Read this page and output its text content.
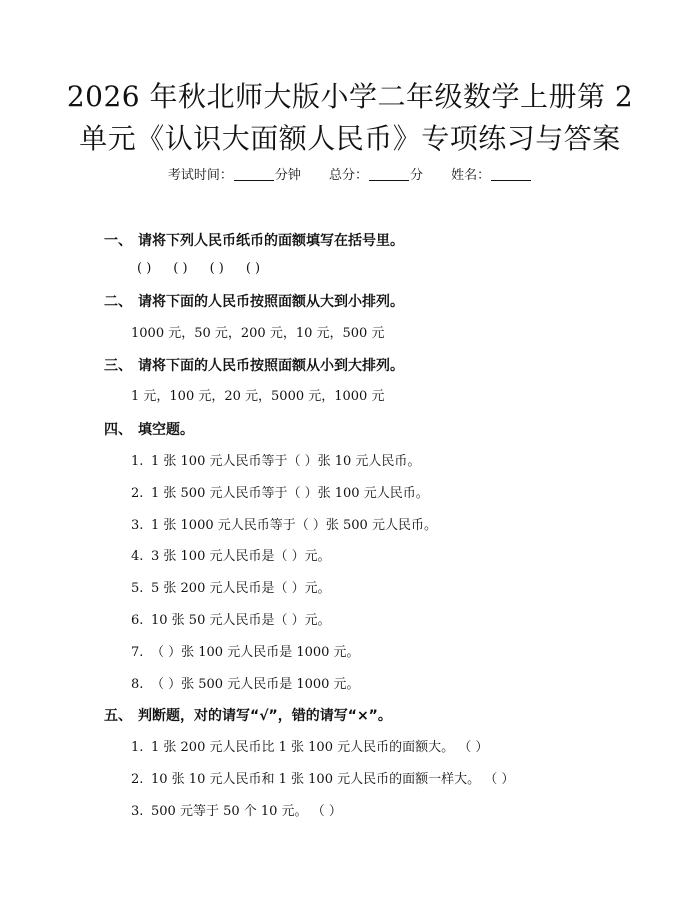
2026 年秋北师大版小学二年级数学上册第 2
单元《认识大面额人民币》专项练习与答案
考试时间：	分钟 总分：	分 姓名：
一、 请将下列人民币纸币的面额填写在括号里。
( ) ( ) ( ) ( )
二、 请将下面的人民币按照面额从大到小排列。
1000 元，50 元，200 元，10 元，500 元
三、 请将下面的人民币按照面额从小到大排列。
1 元，100 元，20 元，5000 元，1000 元
四、 填空题。
1. 1 张 100 元人民币等于（ ）张 10 元人民币。
2. 1 张 500 元人民币等于（ ）张 100 元人民币。
3. 1 张 1000 元人民币等于（ ）张 500 元人民币。
4. 3 张 100 元人民币是（ ）元。
5. 5 张 200 元人民币是（ ）元。
6. 10 张 50 元人民币是（ ）元。
7. （ ）张 100 元人民币是 1000 元。
8. （ ）张 500 元人民币是 1000 元。
五、 判断题，对的请写“√”，错的请写“×”。
1. 1 张 200 元人民币比 1 张 100 元人民币的面额大。 （ ）
2. 10 张 10 元人民币和 1 张 100 元人民币的面额一样大。 （ ）
3. 500 元等于 50 个 10 元。 （ ）
